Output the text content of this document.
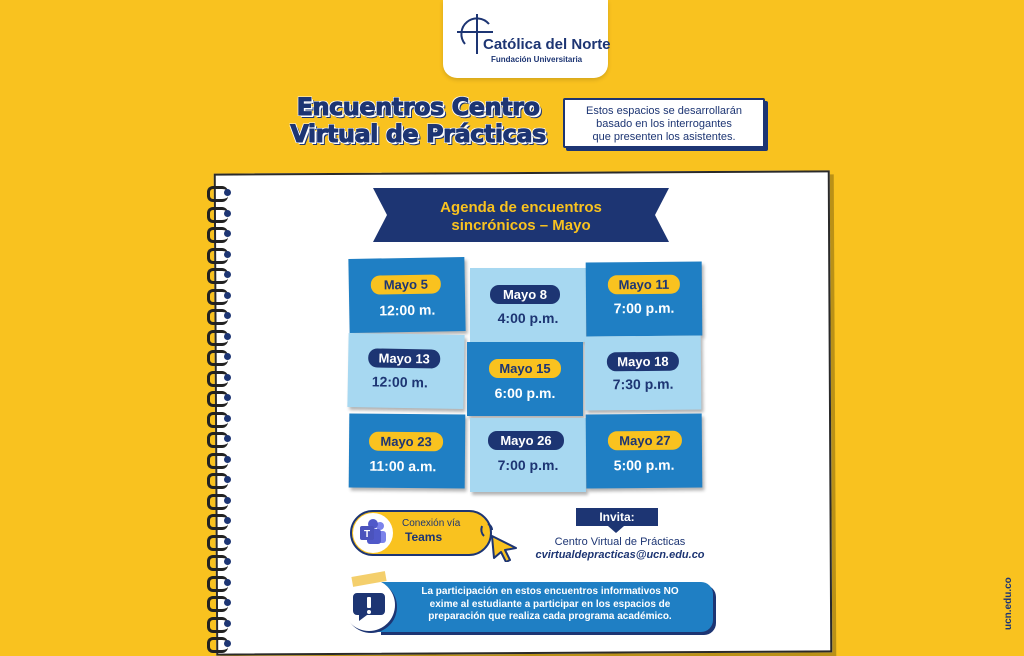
Católica del Norte
Fundación Universitaria
Encuentros Centro
Virtual de Prácticas
Estos espacios se desarrollarán
basado en los interrogantes
que presenten los asistentes.
Agenda de encuentros
sincrónicos – Mayo
Mayo 5
12:00 m.
Mayo 8
4:00 p.m.
Mayo 11
7:00 p.m.
Mayo 13
12:00 m.
Mayo 15
6:00 p.m.
Mayo 18
7:30 p.m.
Mayo 23
11:00 a.m.
Mayo 26
7:00 p.m.
Mayo 27
5:00 p.m.
T
Conexión vía
Teams
Invita:
Centro Virtual de Prácticas
cvirtualdepracticas@ucn.edu.co
La participación en estos encuentros informativos NO
exime al estudiante a participar en los espacios de
preparación que realiza cada programa académico.	ucn.edu.co
